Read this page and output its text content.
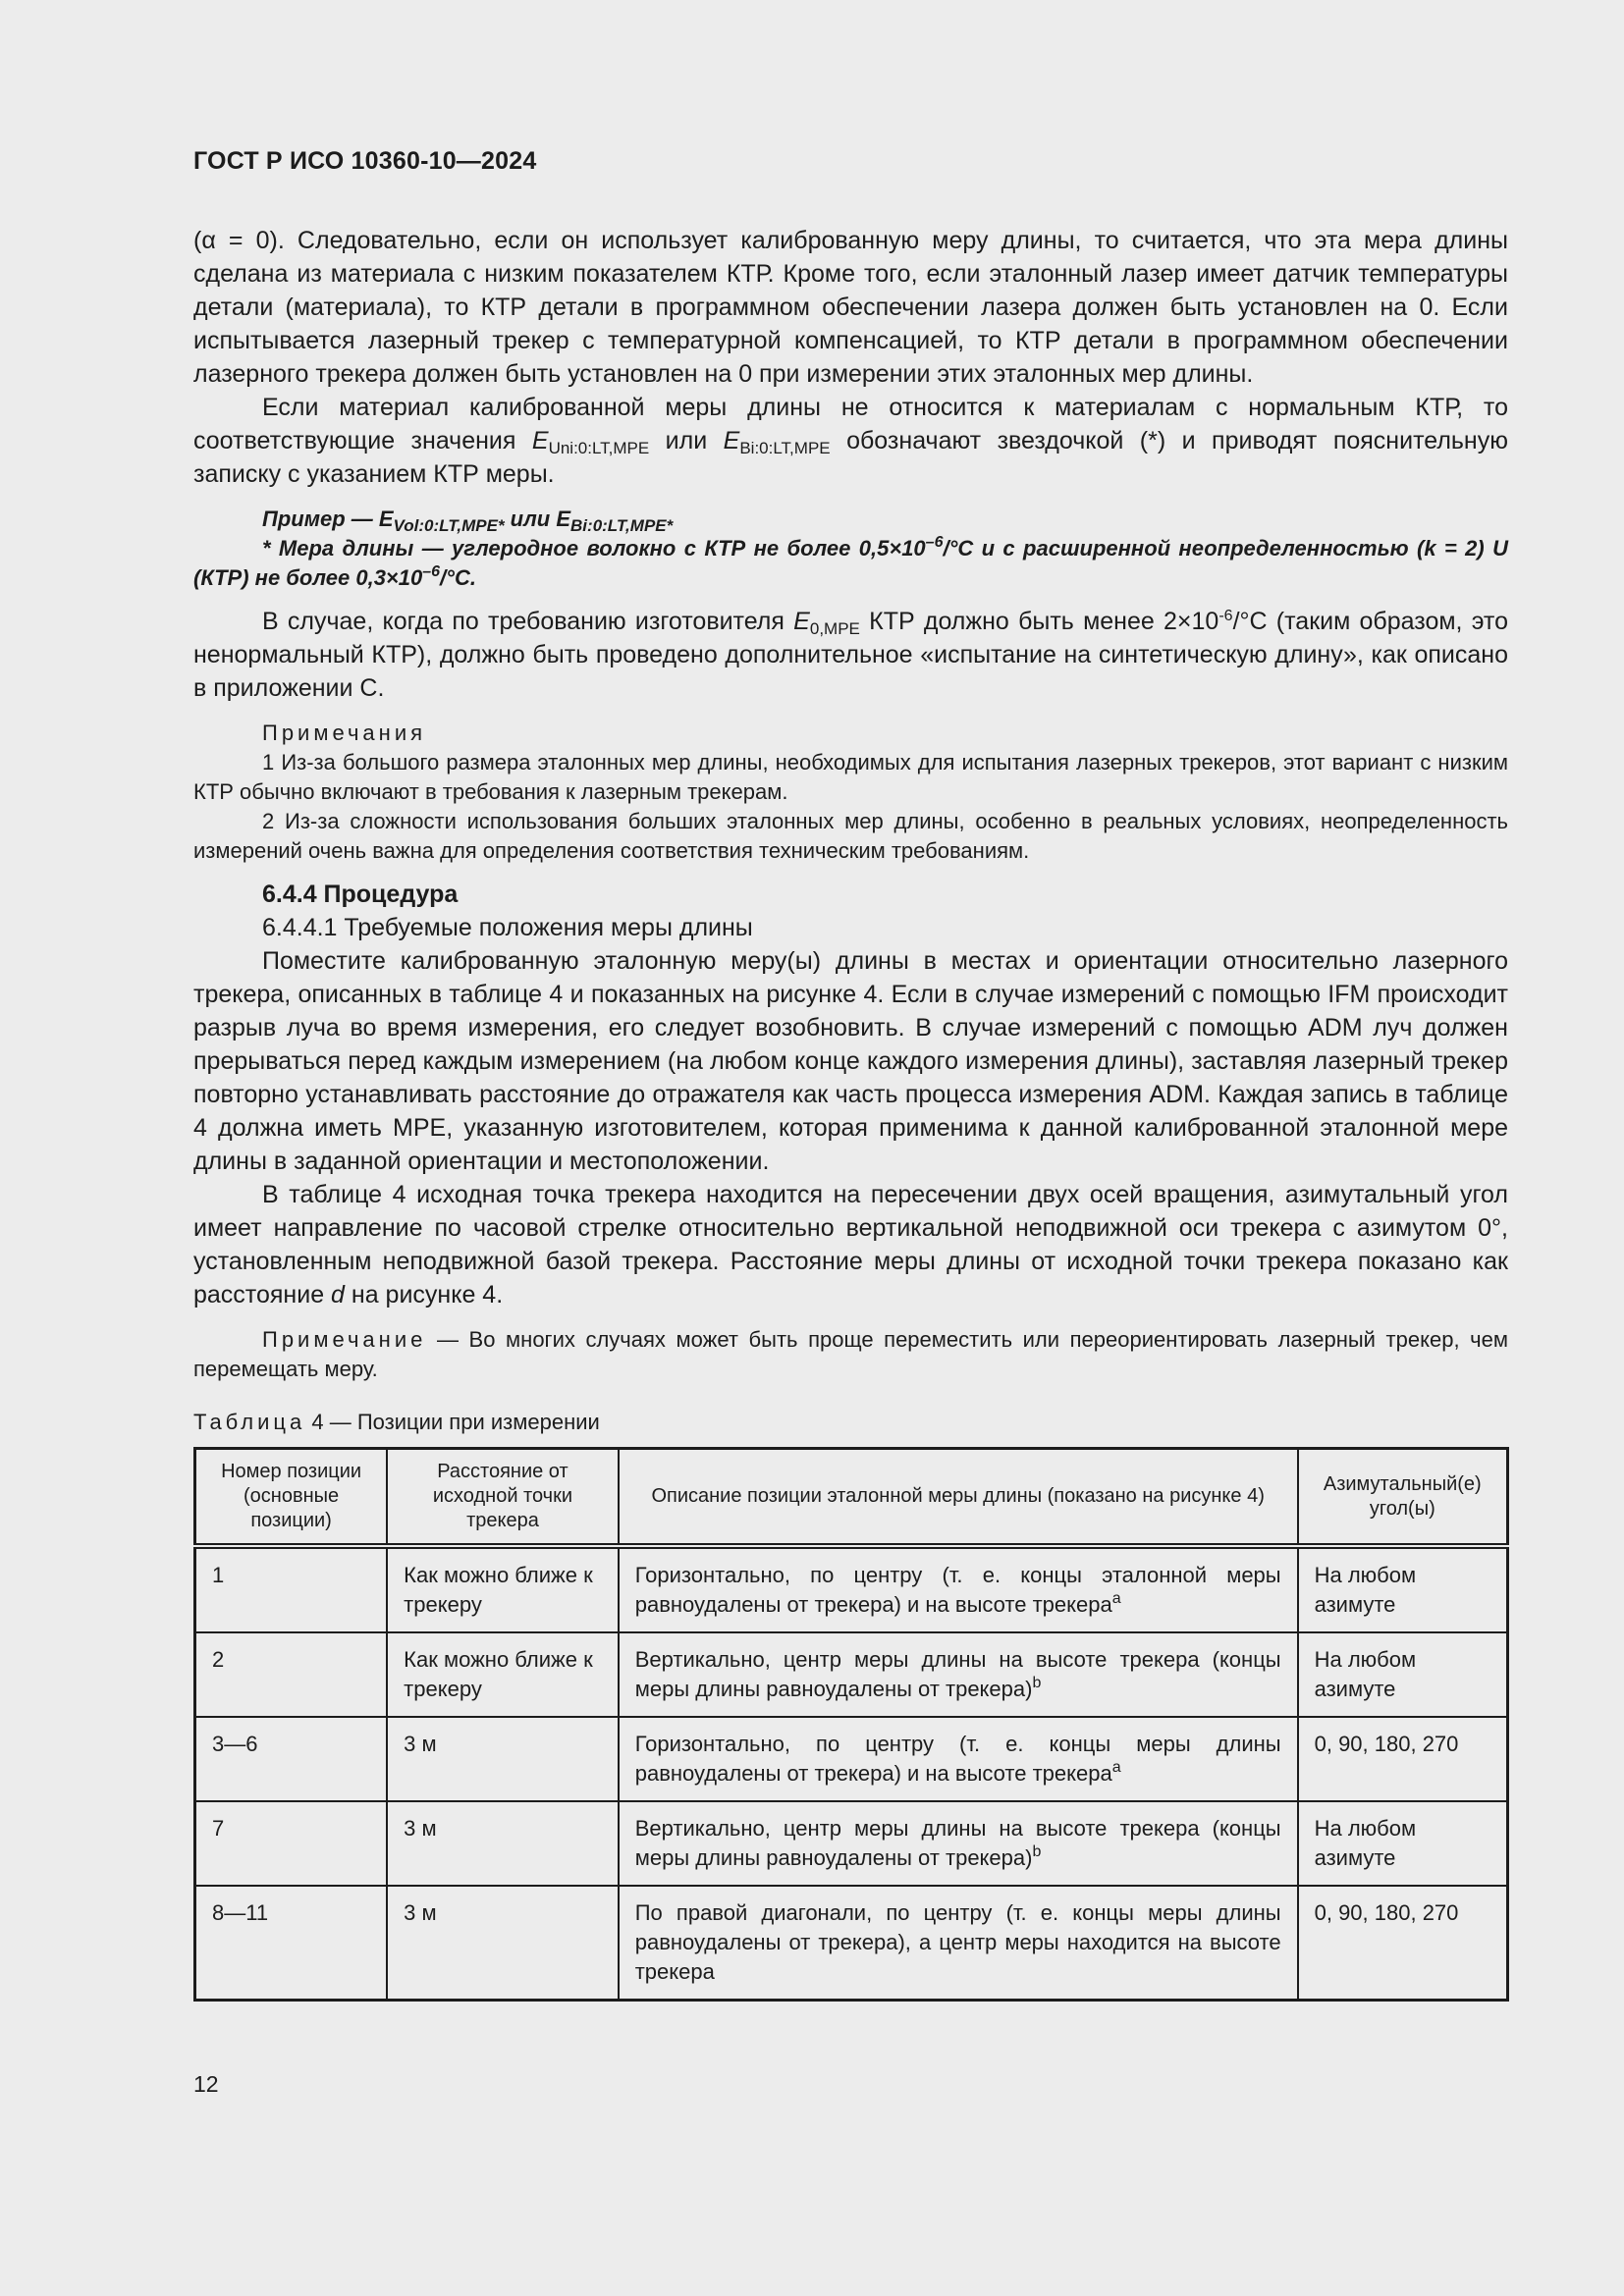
ГОСТ Р ИСО 10360-10—2024

(α = 0). Следовательно, если он использует калиброванную меру длины, то считается, что эта мера длины сделана из материала с низким показателем КТР. Кроме того, если эталонный лазер имеет датчик температуры детали (материала), то КТР детали в программном обеспечении лазера должен быть установлен на 0. Если испытывается лазерный трекер с температурной компенсацией, то КТР детали в программном обеспечении лазерного трекера должен быть установлен на 0 при измерении этих эталонных мер длины.

Если материал калиброванной меры длины не относится к материалам с нормальным КТР, то соответствующие значения $E_{Uni:0:LT,MPE}$ или $E_{Bi:0:LT,MPE}$ обозначают звездочкой (*) и приводят пояснительную записку с указанием КТР меры.

Пример — $E_{Vol:0:LT,MPE*}$ или $E_{Bi:0:LT,MPE*}$

* Мера длины — углеродное волокно с КТР не более $0,5\times 10^{-6}/^\circ C$ и с расширенной неопределенностью (k = 2) U (КТР) не более $0,3\times 10^{-6}/^\circ C$.

В случае, когда по требованию изготовителя $E_{0,MPE}$ КТР должно быть менее $2\times 10^{-6}/^\circ C$ (таким образом, это ненормальный КТР), должно быть проведено дополнительное «испытание на синтетическую длину», как описано в приложении С.

Примечания

1 Из-за большого размера эталонных мер длины, необходимых для испытания лазерных трекеров, этот вариант с низким КТР обычно включают в требования к лазерным трекерам.

2 Из-за сложности использования больших эталонных мер длины, особенно в реальных условиях, неопределенность измерений очень важна для определения соответствия техническим требованиям.

6.4.4 Процедура

6.4.4.1 Требуемые положения меры длины

Поместите калиброванную эталонную меру(ы) длины в местах и ориентации относительно лазерного трекера, описанных в таблице 4 и показанных на рисунке 4. Если в случае измерений с помощью IFM происходит разрыв луча во время измерения, его следует возобновить. В случае измерений с помощью ADM луч должен прерываться перед каждым измерением (на любом конце каждого измерения длины), заставляя лазерный трекер повторно устанавливать расстояние до отражателя как часть процесса измерения ADM. Каждая запись в таблице 4 должна иметь МРЕ, указанную изготовителем, которая применима к данной калиброванной эталонной мере длины в заданной ориентации и местоположении.

В таблице 4 исходная точка трекера находится на пересечении двух осей вращения, азимутальный угол имеет направление по часовой стрелке относительно вертикальной неподвижной оси трекера с азимутом 0°, установленным неподвижной базой трекера. Расстояние меры длины от исходной точки трекера показано как расстояние d на рисунке 4.

Примечание — Во многих случаях может быть проще переместить или переориентировать лазерный трекер, чем перемещать меру.

Таблица 4 — Позиции при измерении
Номер позиции (основные позиции)	Расстояние от исходной точки трекера	Описание позиции эталонной меры длины (показано на рисунке 4)	Азимутальный(е) угол(ы)
1	Как можно ближе к трекеру	Горизонтально, по центру (т. е. концы эталонной меры равноудалены от трекера) и на высоте трекера$^a$	На любом азимуте
2	Как можно ближе к трекеру	Вертикально, центр меры длины на высоте трекера (концы меры длины равноудалены от трекера)$^b$	На любом азимуте
3—6	3 м	Горизонтально, по центру (т. е. концы меры длины равноудалены от трекера) и на высоте трекера$^a$	0, 90, 180, 270
7	3 м	Вертикально, центр меры длины на высоте трекера (концы меры длины равноудалены от трекера)$^b$	На любом азимуте
8—11	3 м	По правой диагонали, по центру (т. е. концы меры длины равноудалены от трекера), а центр меры находится на высоте трекера	0, 90, 180, 270
12
